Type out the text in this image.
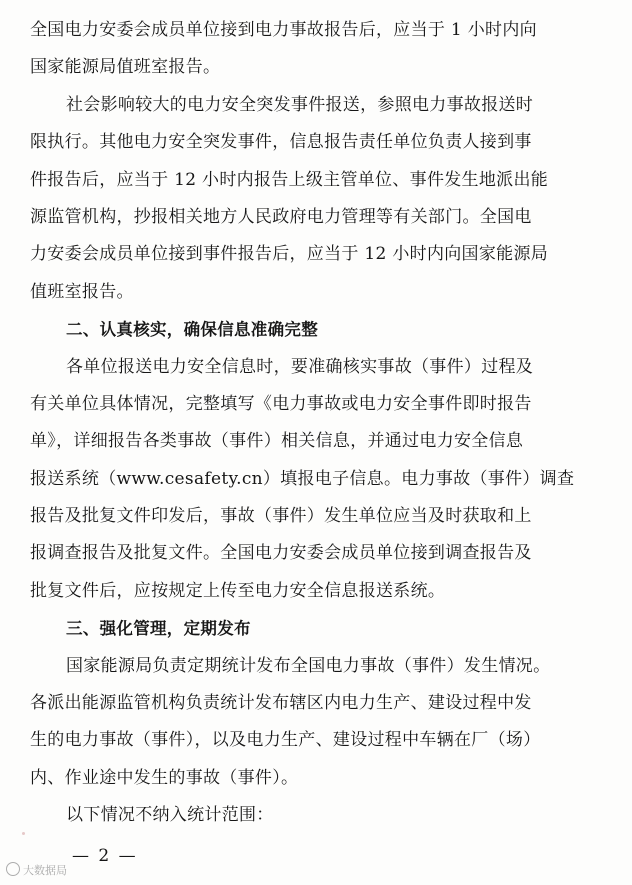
全国电力安委会成员单位接到电力事故报告后，应当于 1 小时内向
国家能源局值班室报告。
社会影响较大的电力安全突发事件报送，参照电力事故报送时
限执行。其他电力安全突发事件，信息报告责任单位负责人接到事
件报告后，应当于 12 小时内报告上级主管单位、事件发生地派出能
源监管机构，抄报相关地方人民政府电力管理等有关部门。全国电
力安委会成员单位接到事件报告后，应当于 12 小时内向国家能源局
值班室报告。
二、认真核实，确保信息准确完整
各单位报送电力安全信息时，要准确核实事故（事件）过程及
有关单位具体情况，完整填写《电力事故或电力安全事件即时报告
单》，详细报告各类事故（事件）相关信息，并通过电力安全信息
报送系统（www.cesafety.cn）填报电子信息。电力事故（事件）调查
报告及批复文件印发后，事故（事件）发生单位应当及时获取和上
报调查报告及批复文件。全国电力安委会成员单位接到调查报告及
批复文件后，应按规定上传至电力安全信息报送系统。
三、强化管理，定期发布
国家能源局负责定期统计发布全国电力事故（事件）发生情况。
各派出能源监管机构负责统计发布辖区内电力生产、建设过程中发
生的电力事故（事件），以及电力生产、建设过程中车辆在厂（场）
内、作业途中发生的事故（事件）。
以下情况不纳入统计范围：
— 2 —
大数据局
